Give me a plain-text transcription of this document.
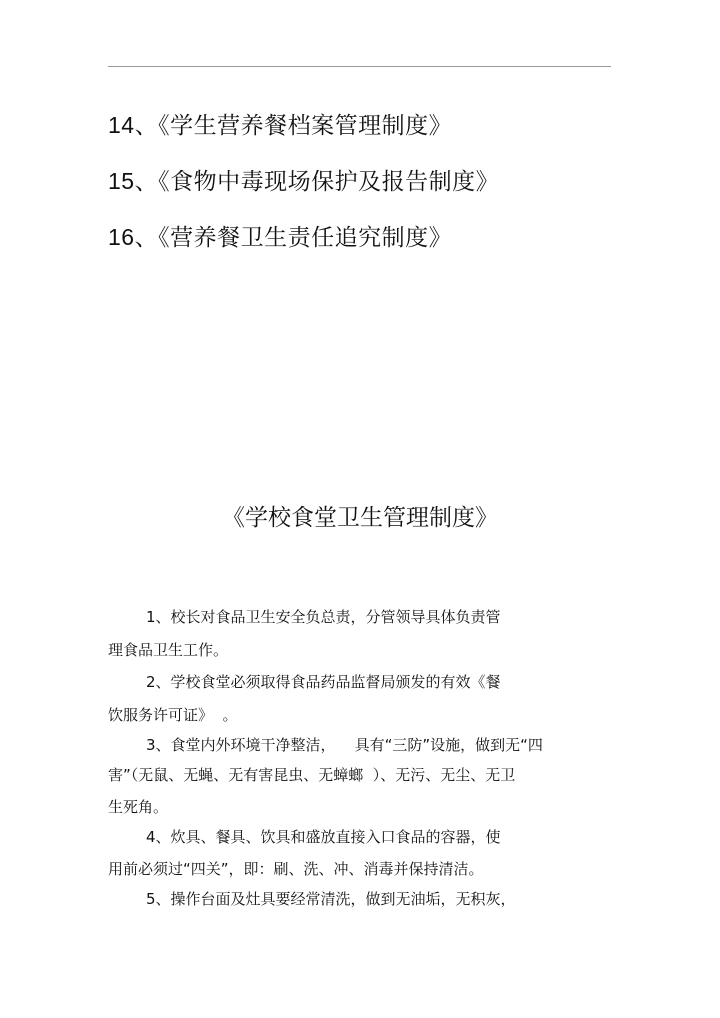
14、《学生营养餐档案管理制度》
15、《食物中毒现场保护及报告制度》
16、《营养餐卫生责任追究制度》
《学校食堂卫生管理制度》
1、校长对食品卫生安全负总责，分管领导具体负责管
理食品卫生工作。
2、学校食堂必须取得食品药品监督局颁发的有效《餐
饮服务许可证》  。
3、食堂内外环境干净整洁，    具有“三防”设施，做到无“四
害”（无鼠、无蝇、无有害昆虫、无蟑螂  ）、无污、无尘、无卫
生死角。
4、炊具、餐具、饮具和盛放直接入口食品的容器，使
用前必须过“四关”，即：刷、洗、冲、消毒并保持清洁。
5、操作台面及灶具要经常清洗，做到无油垢，无积灰，
